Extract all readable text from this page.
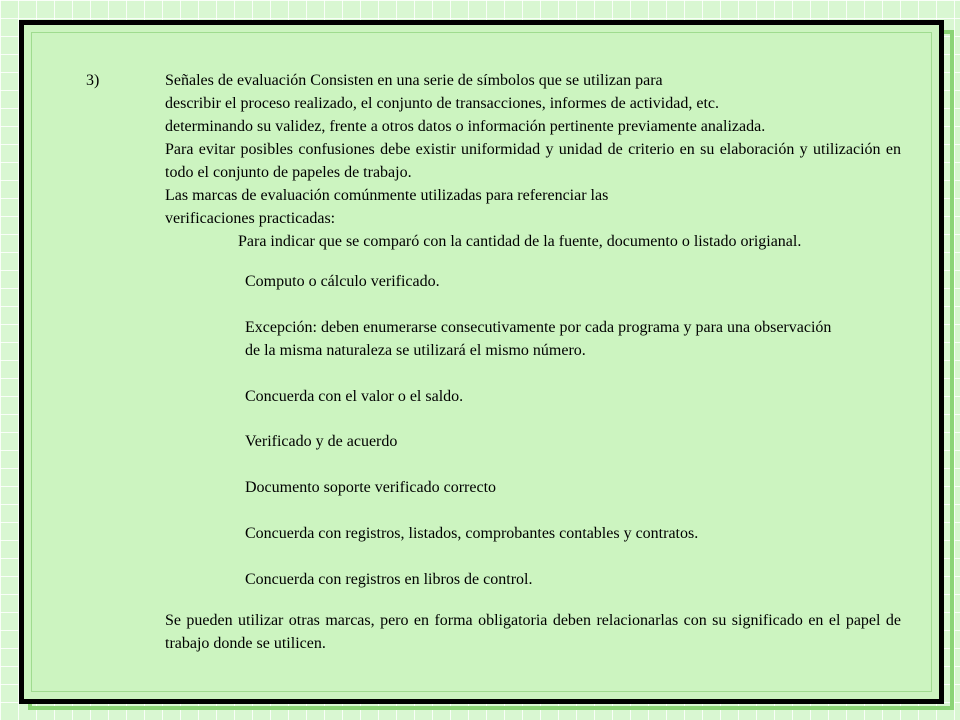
3)	Señales de evaluación Consisten en una serie de símbolos que se utilizan para
describir el proceso realizado, el conjunto de transacciones, informes de actividad, etc.
determinando su validez, frente a otros datos o información pertinente previamente analizada.
Para evitar posibles confusiones debe existir uniformidad y unidad de criterio en su elaboración y utilización en todo el conjunto de papeles de trabajo.
Las marcas de evaluación comúnmente utilizadas para referenciar las
verificaciones practicadas:
Para indicar que se comparó con la cantidad de la fuente, documento o listado origianal.
Computo o cálculo verificado.
Excepción: deben enumerarse consecutivamente por cada programa y para una observación de la misma naturaleza se utilizará el mismo número.
Concuerda con el valor o el saldo.
Verificado y de acuerdo
Documento soporte verificado correcto
Concuerda con registros, listados, comprobantes contables y contratos.
Concuerda con registros en libros de control.
Se pueden utilizar otras marcas, pero en forma obligatoria deben relacionarlas con su significado en el papel de trabajo donde se utilicen.
